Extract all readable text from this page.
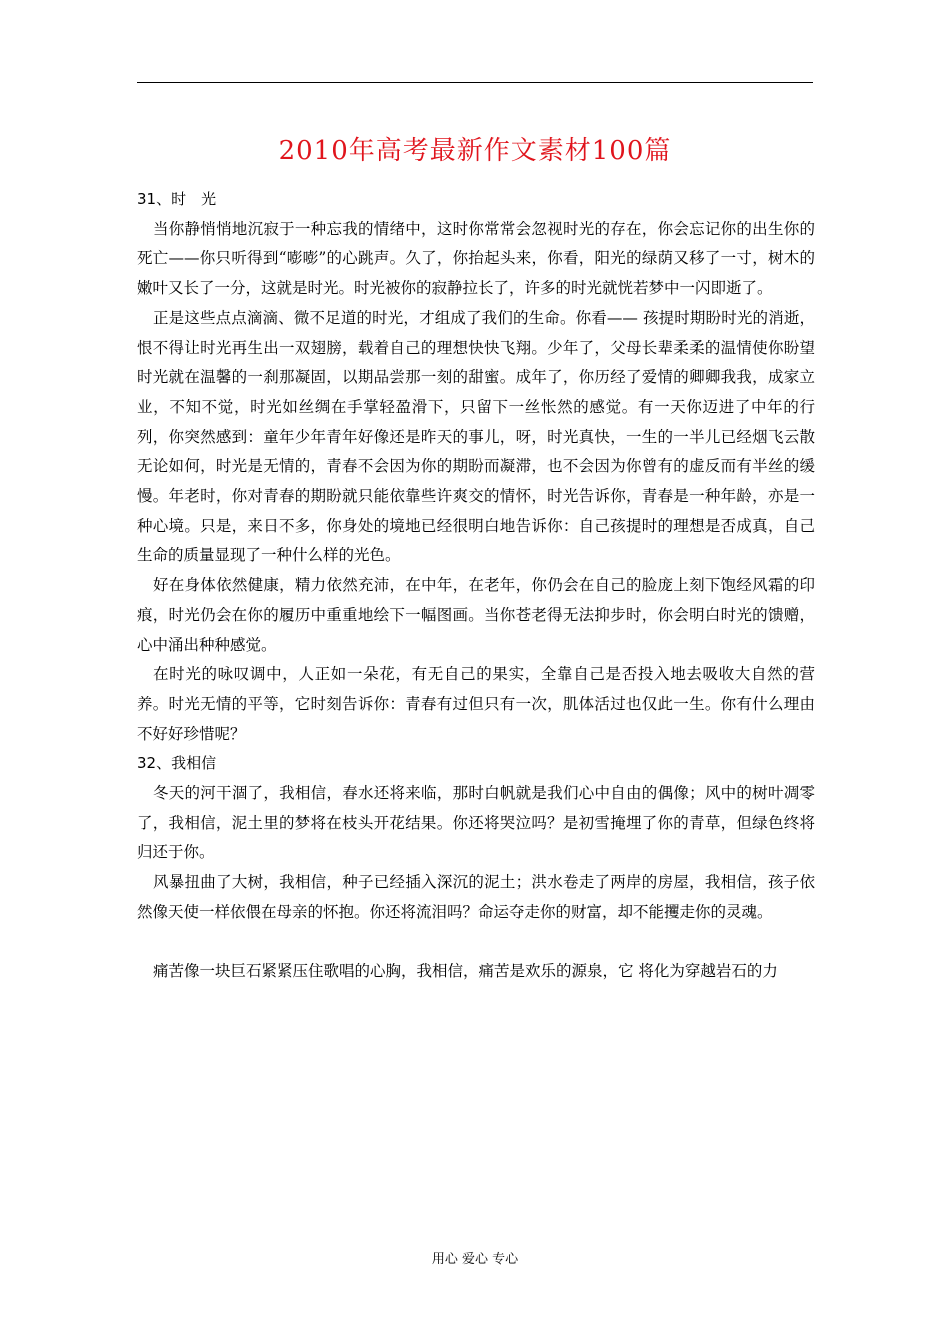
2010年高考最新作文素材100篇

31、时　光

当你静悄悄地沉寂于一种忘我的情绪中，这时你常常会忽视时光的存在，你会忘记你的出生你的死亡——你只听得到“嘭嘭”的心跳声。久了，你抬起头来，你看，阳光的绿荫又移了一寸，树木的嫩叶又长了一分，这就是时光。时光被你的寂静拉长了，许多的时光就恍若梦中一闪即逝了。

正是这些点点滴滴、微不足道的时光，才组成了我们的生命。你看—— 孩提时期盼时光的消逝，恨不得让时光再生出一双翅膀，载着自己的理想快快飞翔。少年了，父母长辈柔柔的温情使你盼望时光就在温馨的一刹那凝固，以期品尝那一刻的甜蜜。成年了，你历经了爱情的卿卿我我，成家立业，不知不觉，时光如丝绸在手掌轻盈滑下，只留下一丝怅然的感觉。有一天你迈进了中年的行列，你突然感到：童年少年青年好像还是昨天的事儿，呀，时光真快，一生的一半儿已经烟飞云散无论如何，时光是无情的，青春不会因为你的期盼而凝滞，也不会因为你曾有的虚反而有半丝的缓慢。年老时，你对青春的期盼就只能依靠些许爽交的情怀，时光告诉你，青春是一种年龄，亦是一种心境。只是，来日不多，你身处的境地已经很明白地告诉你：自己孩提时的理想是否成真，自己生命的质量显现了一种什么样的光色。

好在身体依然健康，精力依然充沛，在中年，在老年，你仍会在自己的脸庞上刻下饱经风霜的印痕，时光仍会在你的履历中重重地绘下一幅图画。当你苍老得无法抑步时，你会明白时光的馈赠，心中涌出种种感觉。

在时光的咏叹调中，人正如一朵花，有无自己的果实，全靠自己是否投入地去吸收大自然的营养。时光无情的平等，它时刻告诉你：青春有过但只有一次，肌体活过也仅此一生。你有什么理由不好好珍惜呢？

32、我相信

冬天的河干涸了，我相信，春水还将来临，那时白帆就是我们心中自由的偶像；风中的树叶凋零了，我相信，泥土里的梦将在枝头开花结果。你还将哭泣吗？是初雪掩埋了你的青草，但绿色终将归还于你。

风暴扭曲了大树，我相信，种子已经插入深沉的泥土；洪水卷走了两岸的房屋，我相信，孩子依然像天使一样依偎在母亲的怀抱。你还将流泪吗？命运夺走你的财富，却不能攫走你的灵魂。

痛苦像一块巨石紧紧压住歌唱的心胸，我相信，痛苦是欢乐的源泉，它 将化为穿越岩石的力

用心 爱心 专心
